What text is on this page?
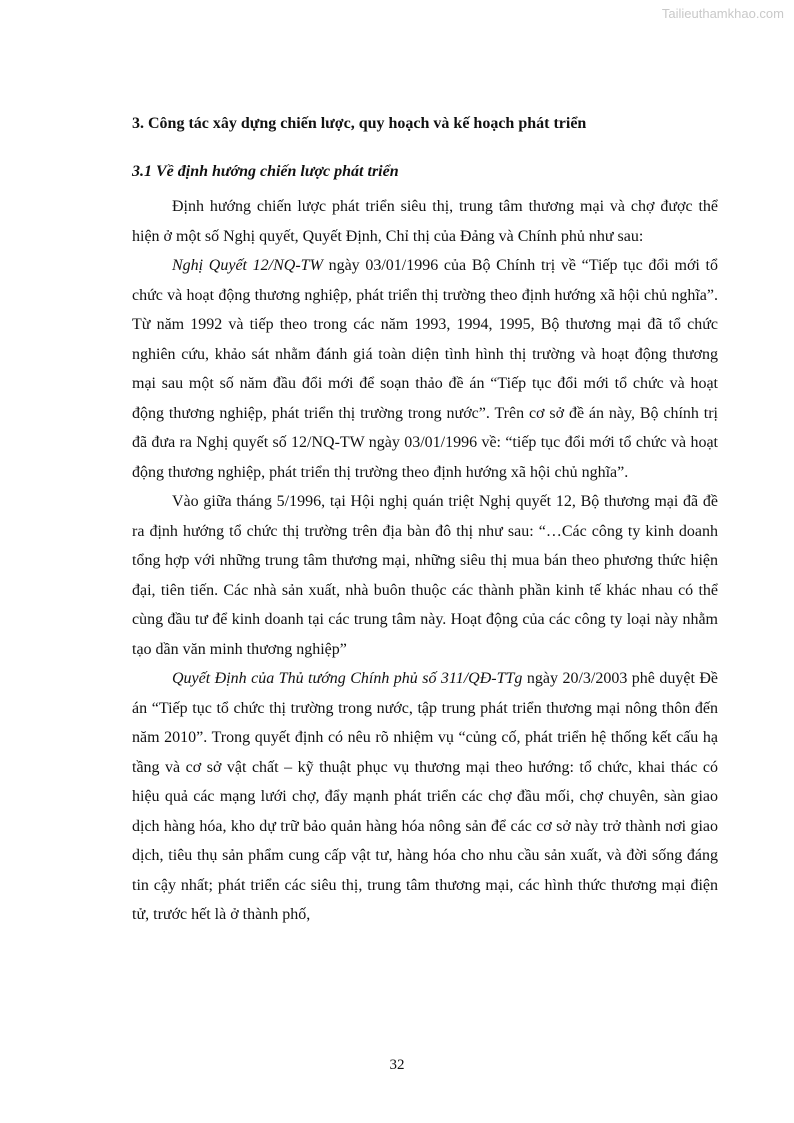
Tailieuthamkhao.com
3. Công tác xây dựng chiến lược, quy hoạch và kế hoạch phát triển
3.1 Về định hướng chiến lược phát triển

Định hướng chiến lược phát triển siêu thị, trung tâm thương mại và chợ được thể hiện ở một số Nghị quyết, Quyết Định, Chỉ thị của Đảng và Chính phủ như sau:

Nghị Quyết 12/NQ-TW ngày 03/01/1996 của Bộ Chính trị về “Tiếp tục đổi mới tổ chức và hoạt động thương nghiệp, phát triển thị trường theo định hướng xã hội chủ nghĩa”. Từ năm 1992 và tiếp theo trong các năm 1993, 1994, 1995, Bộ thương mại đã tổ chức nghiên cứu, khảo sát nhằm đánh giá toàn diện tình hình thị trường và hoạt động thương mại sau một số năm đầu đổi mới để soạn thảo đề án “Tiếp tục đổi mới tổ chức và hoạt động thương nghiệp, phát triển thị trường trong nước”. Trên cơ sở đề án này, Bộ chính trị đã đưa ra Nghị quyết số 12/NQ-TW ngày 03/01/1996 về: “tiếp tục đổi mới tổ chức và hoạt động thương nghiệp, phát triển thị trường theo định hướng xã hội chủ nghĩa”.

Vào giữa tháng 5/1996, tại Hội nghị quán triệt Nghị quyết 12, Bộ thương mại đã đề ra định hướng tổ chức thị trường trên địa bàn đô thị như sau: “…Các công ty kinh doanh tổng hợp với những trung tâm thương mại, những siêu thị mua bán theo phương thức hiện đại, tiên tiến. Các nhà sản xuất, nhà buôn thuộc các thành phần kinh tế khác nhau có thể cùng đầu tư để kinh doanh tại các trung tâm này. Hoạt động của các công ty loại này nhằm tạo dần văn minh thương nghiệp”

Quyết Định của Thủ tướng Chính phủ số 311/QĐ-TTg ngày 20/3/2003 phê duyệt Đề án “Tiếp tục tổ chức thị trường trong nước, tập trung phát triển thương mại nông thôn đến năm 2010”. Trong quyết định có nêu rõ nhiệm vụ “củng cố, phát triển hệ thống kết cấu hạ tầng và cơ sở vật chất – kỹ thuật phục vụ thương mại theo hướng: tổ chức, khai thác có hiệu quả các mạng lưới chợ, đẩy mạnh phát triển các chợ đầu mối, chợ chuyên, sàn giao dịch hàng hóa, kho dự trữ bảo quản hàng hóa nông sản để các cơ sở này trở thành nơi giao dịch, tiêu thụ sản phẩm cung cấp vật tư, hàng hóa cho nhu cầu sản xuất, và đời sống đáng tin cậy nhất; phát triển các siêu thị, trung tâm thương mại, các hình thức thương mại điện tử, trước hết là ở thành phố,

32
